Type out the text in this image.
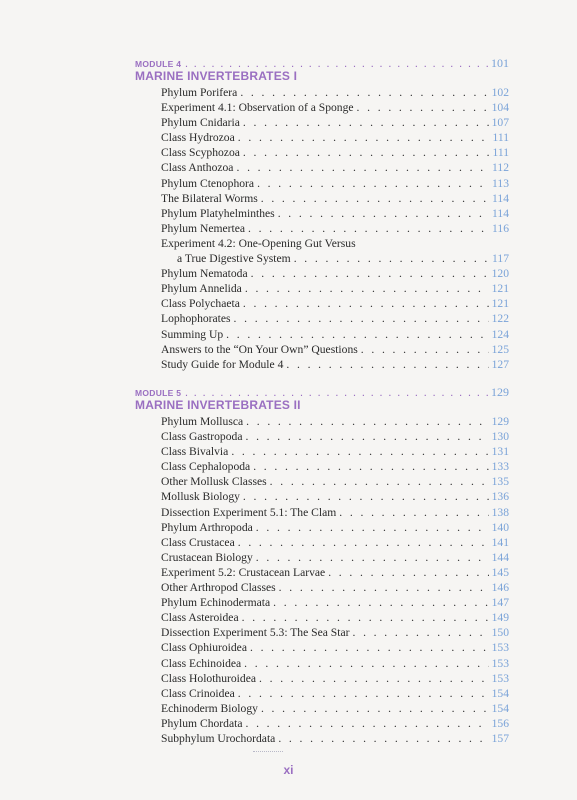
MODULE 4 . . .	101
MARINE INVERTEBRATES I
Phylum Porifera . . .	102
Experiment 4.1: Observation of a Sponge . . .	104
Phylum Cnidaria . . .	107
Class Hydrozoa . . .	111
Class Scyphozoa . . .	111
Class Anthozoa . . .	112
Phylum Ctenophora . . .	113
The Bilateral Worms . . .	114
Phylum Platyhelminthes . . .	114
Phylum Nemertea . . .	116
Experiment 4.2: One-Opening Gut Versus
a True Digestive System . . .	117
Phylum Nematoda . . .	120
Phylum Annelida . . .	121
Class Polychaeta . . .	121
Lophophorates . . .	122
Summing Up . . .	124
Answers to the “On Your Own” Questions . . .	125
Study Guide for Module 4 . . .	127
MODULE 5 . . .	129
MARINE INVERTEBRATES II
Phylum Mollusca . . .	129
Class Gastropoda . . .	130
Class Bivalvia . . .	131
Class Cephalopoda . . .	133
Other Mollusk Classes . . .	135
Mollusk Biology . . .	136
Dissection Experiment 5.1: The Clam . . .	138
Phylum Arthropoda . . .	140
Class Crustacea . . .	141
Crustacean Biology . . .	144
Experiment 5.2: Crustacean Larvae . . .	145
Other Arthropod Classes . . .	146
Phylum Echinodermata . . .	147
Class Asteroidea . . .	149
Dissection Experiment 5.3: The Sea Star . . .	150
Class Ophiuroidea . . .	153
Class Echinoidea . . .	153
Class Holothuroidea . . .	153
Class Crinoidea . . .	154
Echinoderm Biology . . .	154
Phylum Chordata . . .	156
Subphylum Urochordata . . .	157
xi
